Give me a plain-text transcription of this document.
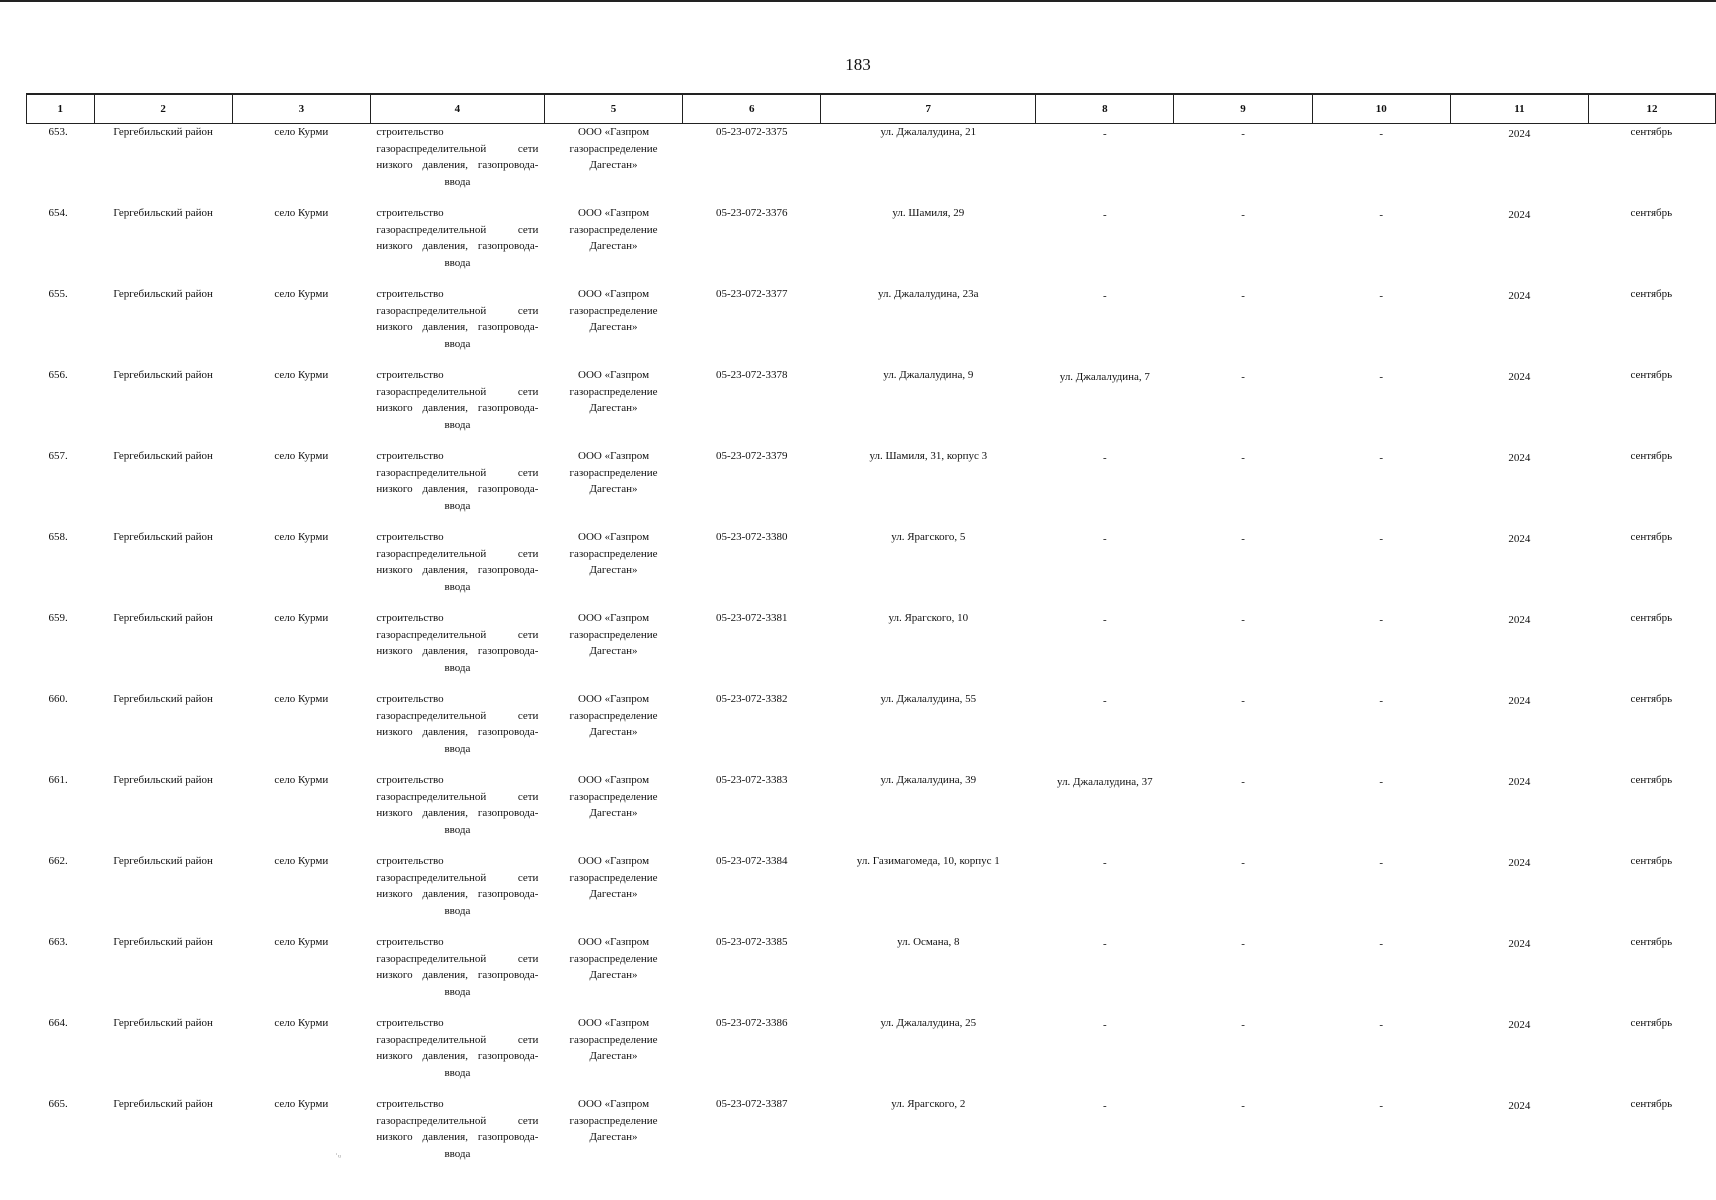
183
1	2	3	4	5	6	7	8	9	10	11	12
653.	Гергебильский район	село Курми	строительство газораспределительной сети низкого давления, газопровода-ввода	ООО «Газпром газораспределение Дагестан»	05-23-072-3375	ул. Джалалудина, 21	-	-	-	2024	сентябрь
654.	Гергебильский район	село Курми	строительство газораспределительной сети низкого давления, газопровода-ввода	ООО «Газпром газораспределение Дагестан»	05-23-072-3376	ул. Шамиля, 29	-	-	-	2024	сентябрь
655.	Гергебильский район	село Курми	строительство газораспределительной сети низкого давления, газопровода-ввода	ООО «Газпром газораспределение Дагестан»	05-23-072-3377	ул. Джалалудина, 23а	-	-	-	2024	сентябрь
656.	Гергебильский район	село Курми	строительство газораспределительной сети низкого давления, газопровода-ввода	ООО «Газпром газораспределение Дагестан»	05-23-072-3378	ул. Джалалудина, 9	ул. Джалалудина, 7	-	-	2024	сентябрь
657.	Гергебильский район	село Курми	строительство газораспределительной сети низкого давления, газопровода-ввода	ООО «Газпром газораспределение Дагестан»	05-23-072-3379	ул. Шамиля, 31, корпус 3	-	-	-	2024	сентябрь
658.	Гергебильский район	село Курми	строительство газораспределительной сети низкого давления, газопровода-ввода	ООО «Газпром газораспределение Дагестан»	05-23-072-3380	ул. Ярагского, 5	-	-	-	2024	сентябрь
659.	Гергебильский район	село Курми	строительство газораспределительной сети низкого давления, газопровода-ввода	ООО «Газпром газораспределение Дагестан»	05-23-072-3381	ул. Ярагского, 10	-	-	-	2024	сентябрь
660.	Гергебильский район	село Курми	строительство газораспределительной сети низкого давления, газопровода-ввода	ООО «Газпром газораспределение Дагестан»	05-23-072-3382	ул. Джалалудина, 55	-	-	-	2024	сентябрь
661.	Гергебильский район	село Курми	строительство газораспределительной сети низкого давления, газопровода-ввода	ООО «Газпром газораспределение Дагестан»	05-23-072-3383	ул. Джалалудина, 39	ул. Джалалудина, 37	-	-	2024	сентябрь
662.	Гергебильский район	село Курми	строительство газораспределительной сети низкого давления, газопровода-ввода	ООО «Газпром газораспределение Дагестан»	05-23-072-3384	ул. Газимагомеда, 10, корпус 1	-	-	-	2024	сентябрь
663.	Гергебильский район	село Курми	строительство газораспределительной сети низкого давления, газопровода-ввода	ООО «Газпром газораспределение Дагестан»	05-23-072-3385	ул. Османа, 8	-	-	-	2024	сентябрь
664.	Гергебильский район	село Курми	строительство газораспределительной сети низкого давления, газопровода-ввода	ООО «Газпром газораспределение Дагестан»	05-23-072-3386	ул. Джалалудина, 25	-	-	-	2024	сентябрь
665.	Гергебильский район	село Курми	строительство газораспределительной сети низкого давления, газопровода-ввода	ООО «Газпром газораспределение Дагестан»	05-23-072-3387	ул. Ярагского, 2	-	-	-	2024	сентябрь
˙ᵘ
